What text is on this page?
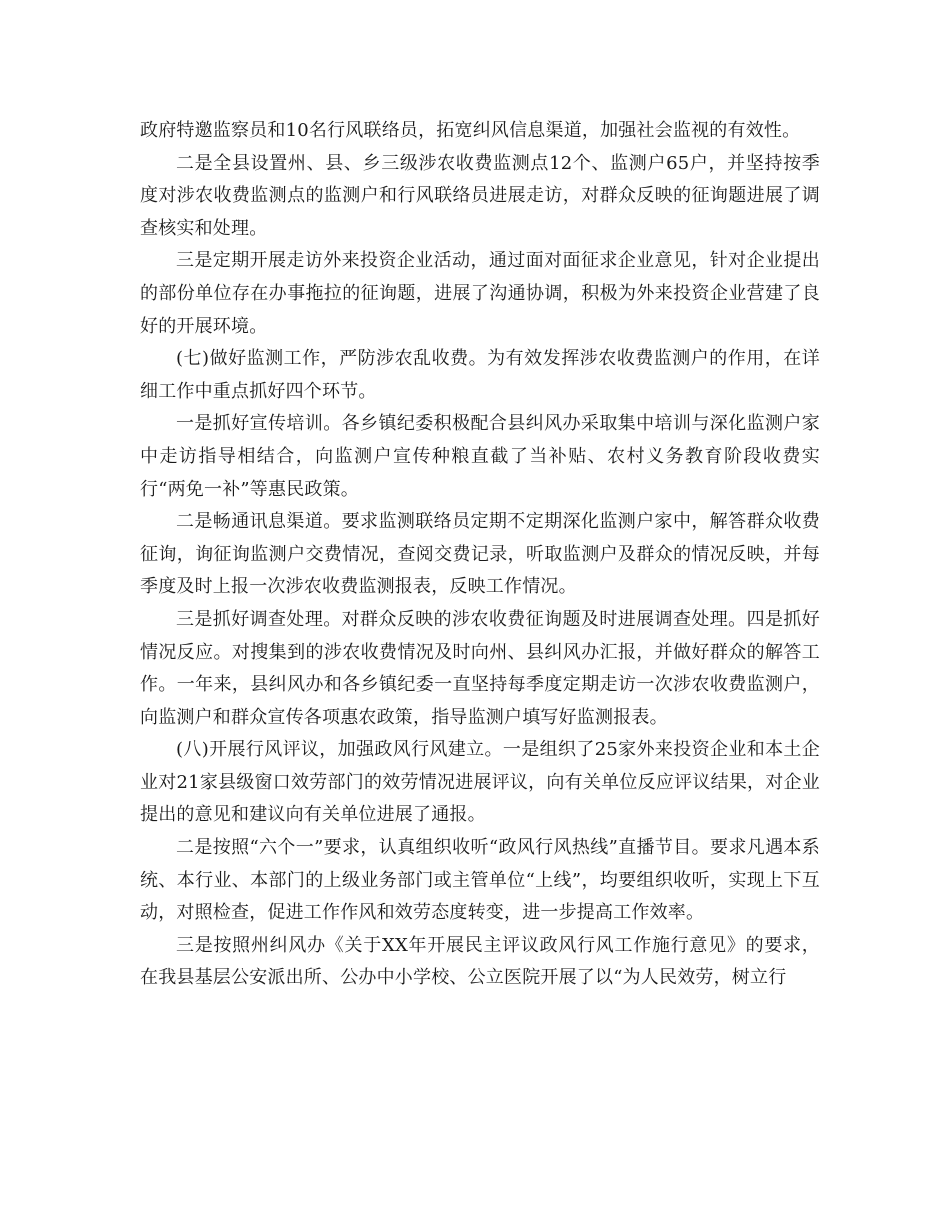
政府特邀监察员和10名行风联络员，拓宽纠风信息渠道，加强社会监视的有效性。

二是全县设置州、县、乡三级涉农收费监测点12个、监测户65户，并坚持按季度对涉农收费监测点的监测户和行风联络员进展走访，对群众反映的征询题进展了调查核实和处理。

三是定期开展走访外来投资企业活动，通过面对面征求企业意见，针对企业提出的部份单位存在办事拖拉的征询题，进展了沟通协调，积极为外来投资企业营建了良好的开展环境。

(七)做好监测工作，严防涉农乱收费。为有效发挥涉农收费监测户的作用，在详细工作中重点抓好四个环节。

一是抓好宣传培训。各乡镇纪委积极配合县纠风办采取集中培训与深化监测户家中走访指导相结合，向监测户宣传种粮直截了当补贴、农村义务教育阶段收费实行“两免一补”等惠民政策。

二是畅通讯息渠道。要求监测联络员定期不定期深化监测户家中，解答群众收费征询，询征询监测户交费情况，查阅交费记录，听取监测户及群众的情况反映，并每季度及时上报一次涉农收费监测报表，反映工作情况。

三是抓好调查处理。对群众反映的涉农收费征询题及时进展调查处理。四是抓好情况反应。对搜集到的涉农收费情况及时向州、县纠风办汇报，并做好群众的解答工作。一年来，县纠风办和各乡镇纪委一直坚持每季度定期走访一次涉农收费监测户，向监测户和群众宣传各项惠农政策，指导监测户填写好监测报表。

(八)开展行风评议，加强政风行风建立。一是组织了25家外来投资企业和本土企业对21家县级窗口效劳部门的效劳情况进展评议，向有关单位反应评议结果，对企业提出的意见和建议向有关单位进展了通报。

二是按照“六个一”要求，认真组织收听“政风行风热线”直播节目。要求凡遇本系统、本行业、本部门的上级业务部门或主管单位“上线”，均要组织收听，实现上下互动，对照检查，促进工作作风和效劳态度转变，进一步提高工作效率。

三是按照州纠风办《关于XX年开展民主评议政风行风工作施行意见》的要求，在我县基层公安派出所、公办中小学校、公立医院开展了以“为人民效劳，树立行
